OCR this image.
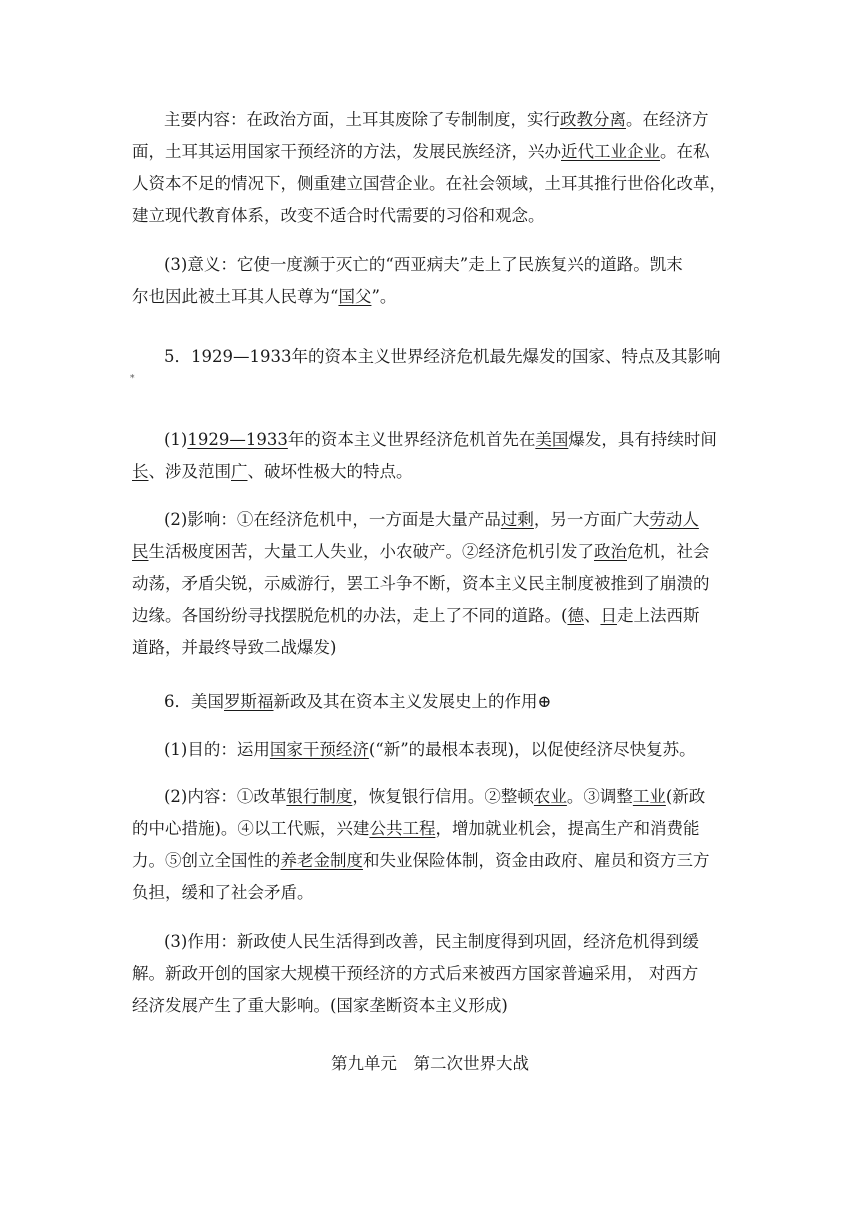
主要内容：在政治方面，土耳其废除了专制制度，实行政教分离。在经济方
面，土耳其运用国家干预经济的方法，发展民族经济，兴办近代工业企业。在私
人资本不足的情况下，侧重建立国营企业。在社会领域，土耳其推行世俗化改革，
建立现代教育体系，改变不适合时代需要的习俗和观念。
(3)意义：它使一度濒于灭亡的“西亚病夫”走上了民族复兴的道路。凯末
尔也因此被土耳其人民尊为“国父”。
5．1929—1933年的资本主义世界经济危机最先爆发的国家、特点及其影响
*
(1)1929—1933年的资本主义世界经济危机首先在美国爆发，具有持续时间
长、涉及范围广、破坏性极大的特点。
(2)影响：①在经济危机中，一方面是大量产品过剩，另一方面广大劳动人
民生活极度困苦，大量工人失业，小农破产。②经济危机引发了政治危机，社会
动荡，矛盾尖锐，示威游行，罢工斗争不断，资本主义民主制度被推到了崩溃的
边缘。各国纷纷寻找摆脱危机的办法，走上了不同的道路。(德、日走上法西斯
道路，并最终导致二战爆发)
6．美国罗斯福新政及其在资本主义发展史上的作用⊕
(1)目的：运用国家干预经济(“新”的最根本表现)，以促使经济尽快复苏。
(2)内容：①改革银行制度，恢复银行信用。②整顿农业。③调整工业(新政
的中心措施)。④以工代赈，兴建公共工程，增加就业机会，提高生产和消费能
力。⑤创立全国性的养老金制度和失业保险体制，资金由政府、雇员和资方三方
负担，缓和了社会矛盾。
(3)作用：新政使人民生活得到改善，民主制度得到巩固，经济危机得到缓
解。新政开创的国家大规模干预经济的方式后来被西方国家普遍采用， 对西方
经济发展产生了重大影响。(国家垄断资本主义形成)
第九单元　第二次世界大战
